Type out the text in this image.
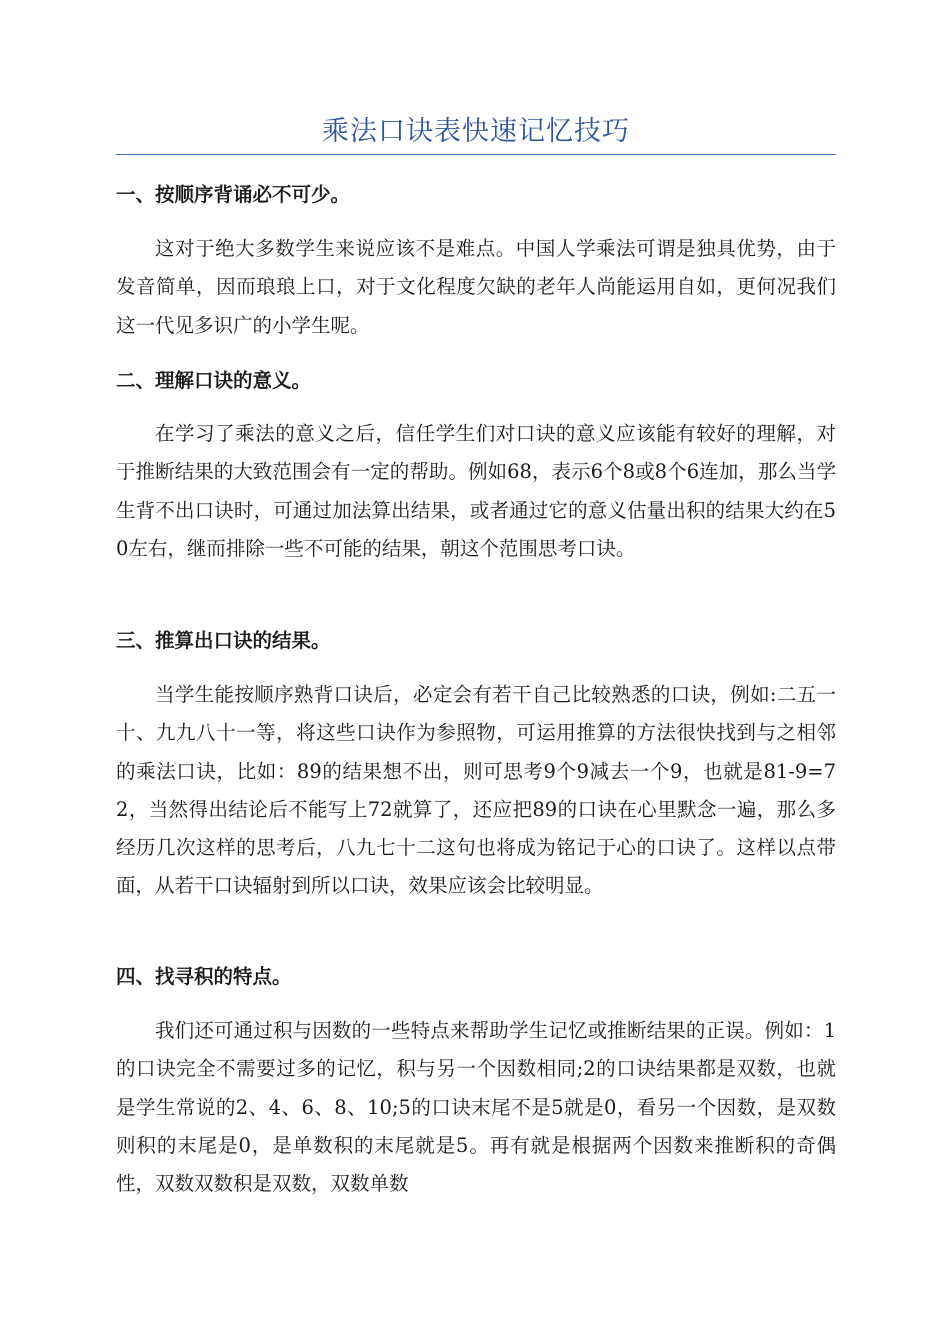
乘法口诀表快速记忆技巧
一、按顺序背诵必不可少。

这对于绝大多数学生来说应该不是难点。中国人学乘法可谓是独具优势，由于发音简单，因而琅琅上口，对于文化程度欠缺的老年人尚能运用自如，更何况我们这一代见多识广的小学生呢。

二、理解口诀的意义。

在学习了乘法的意义之后，信任学生们对口诀的意义应该能有较好的理解，对于推断结果的大致范围会有一定的帮助。例如68，表示6个8或8个6连加，那么当学生背不出口诀时，可通过加法算出结果，或者通过它的意义估量出积的结果大约在50左右，继而排除一些不可能的结果，朝这个范围思考口诀。

三、推算出口诀的结果。

当学生能按顺序熟背口诀后，必定会有若干自己比较熟悉的口诀，例如:二五一十、九九八十一等，将这些口诀作为参照物，可运用推算的方法很快找到与之相邻的乘法口诀，比如：89的结果想不出，则可思考9个9减去一个9，也就是81-9=72，当然得出结论后不能写上72就算了，还应把89的口诀在心里默念一遍，那么多经历几次这样的思考后，八九七十二这句也将成为铭记于心的口诀了。这样以点带面，从若干口诀辐射到所以口诀，效果应该会比较明显。

四、找寻积的特点。

我们还可通过积与因数的一些特点来帮助学生记忆或推断结果的正误。例如：1的口诀完全不需要过多的记忆，积与另一个因数相同;2的口诀结果都是双数，也就是学生常说的2、4、6、8、10;5的口诀末尾不是5就是0，看另一个因数，是双数则积的末尾是0，是单数积的末尾就是5。再有就是根据两个因数来推断积的奇偶性，双数双数积是双数，双数单数
